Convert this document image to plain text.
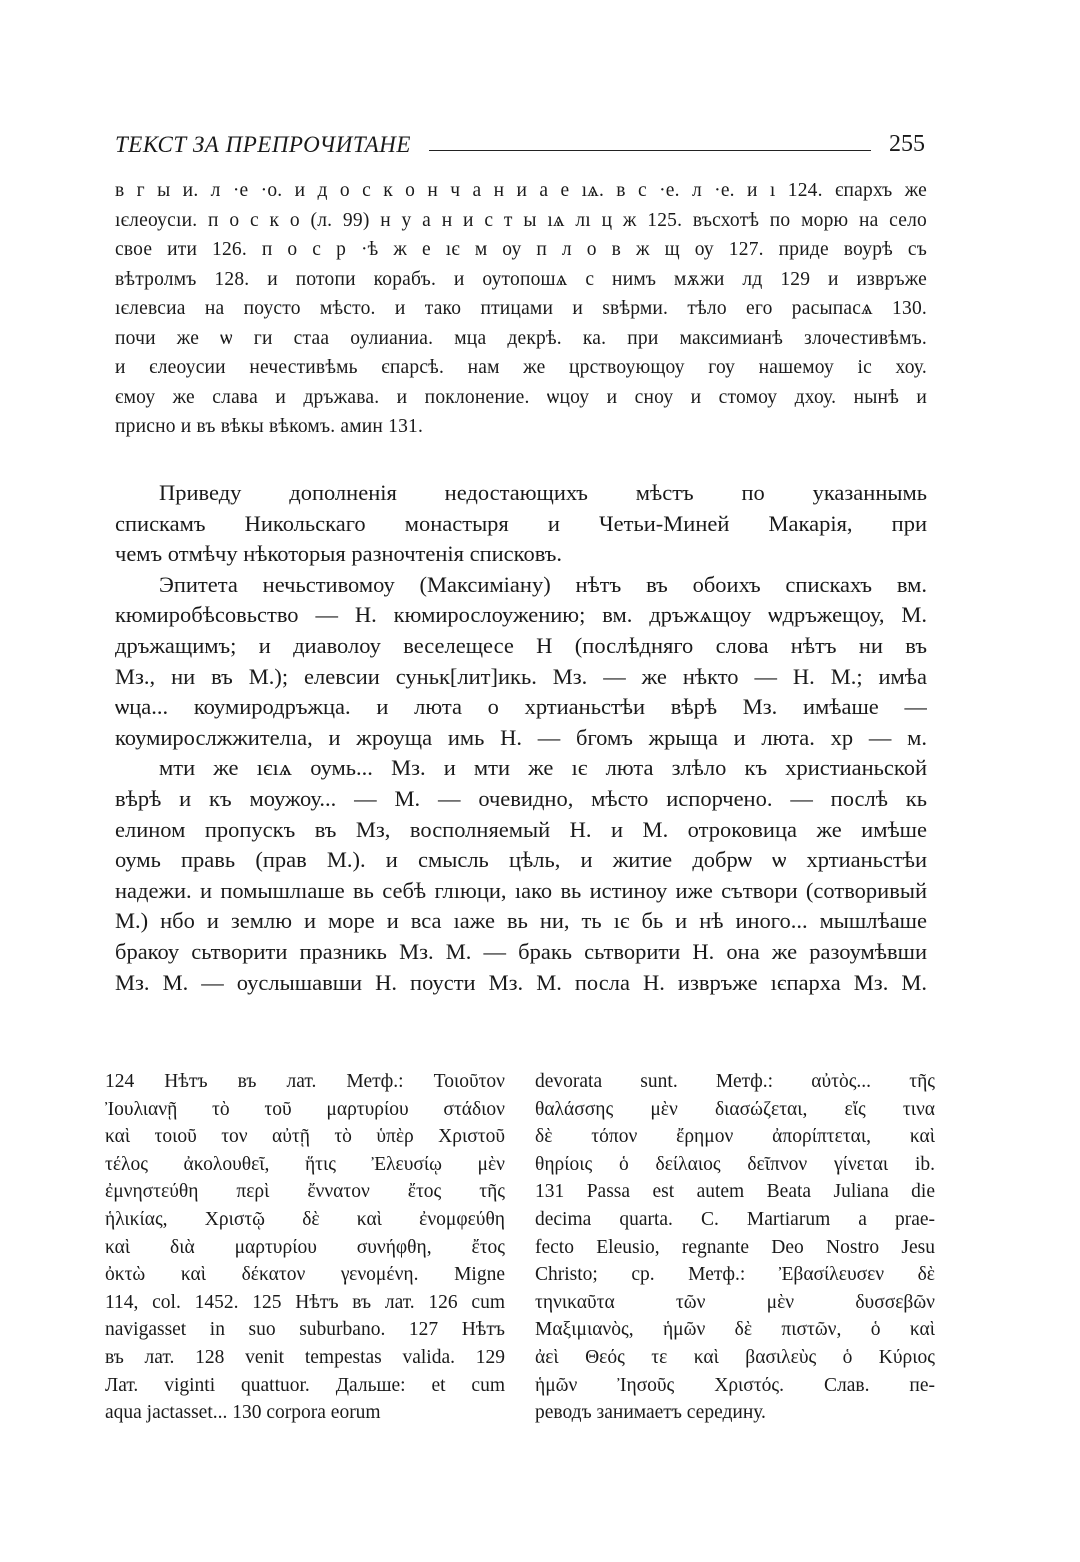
ТЕКСТ ЗА ПРЕПРОЧИТАНЕ	255
в г ы и. л ·е ·о. и д о с к о н ч а н и а е ıѧ. в с ·е. л ·е. и ı 124. єпархъ же
ıєлеоусıи. п о с к о (л. 99) н у а н и с т ы ıѧ лı ц ж 125. въсхотѣ по морю на село
свое ити 126. п о с р ·ѣ ж е ıє м оу п л о в ж щ оу 127. приде воурѣ съ
вѣтролмъ 128. и потопи корабъ. и оутопошѧ с нимъ мѫжи лд 129 и извръже
ıєлевсиа на поусто мѣсто. и тако птицами и ѕвѣрми. тѣло его расыпасѧ 130.
почи же ѡ ги стаа оулианиа. мца декрѣ. ка. при максимианѣ злочестивѣмъ.
и єлеоусии нечестивѣмь єпарсѣ. нам же црствоующоу гоу нашемоу іс хоу.
ємоу же слава и дръжава. и поклонение. ѡцоу и сноу и стомоу дхоу. нынѣ и
присно и въ вѣкы вѣкомъ. амин 131.
Приведу дополненія недостающихъ мѣстъ по указаннымь
спискамъ Никольскаго монастыря и Четьи-Миней Макарія, при
чемъ отмѣчу нѣкоторыя разночтенія списковъ.
Эпитета нечьстивомоу (Максиміану) нѣтъ въ обоихъ спискахъ вм.
кюмиробѣсовьство — Н. кюмирослоужению; вм. дръжѧщоу ѡдръжещоу, М.
дръжащимъ; и диаволоу веселещесе Н (послѣдняго слова нѣтъ ни въ
Мз., ни въ М.); елевсии суньк[лит]икь. Мз. — же нѣкто — Н. М.; имѣа
ѡца... коумиродръжца. и люта о хртианьстѣи вѣрѣ Мз. имѣаше —
коумирослжжителıа, и жроуща имь Н. — бгомъ жрыща и люта. хр — м.
мти же ıєıѧ оумь... Мз. и мти же ıє люта злѣло къ христианьской
вѣрѣ и къ моужоу... — М. — очевидно, мѣсто испорчено. — послѣ кь
елином пропускъ въ Мз, восполняемый Н. и М. отроковица же имѣше
оумь правь (прав М.). и смысль цѣль, и житие добрѡ ѡ хртианьстѣи
надежи. и помышлıаше вь себѣ глıюци, ıако вь истиноу иже сътвори (сотворивый
М.) нбо и землю и море и вса ıаже вь ни, ть ıє бь и нѣ иного... мышлѣаше
бракоу сьтворити празникь Мз. М. — бракь сьтворити Н. она же разоумѣвши
Мз. М. — оуслышавши Н. поусти Мз. М. посла Н. извръже ıєпарха Мз. М.
124 Нѣтъ въ лат. Метф.: Τοιοῦτον
Ἰουλιανῇ τὸ τοῦ μαρτυρίου στάδιον
καὶ τοιοῦ τον αὐτῇ τὸ ὑπὲρ Χριστοῦ
τέλος ἀκολουθεῖ, ἥτις Ἐλευσίῳ μὲν
ἐμνηστεύθη περὶ ἔννατον ἔτος τῆς
ἡλικίας, Χριστῷ δὲ καὶ ἐνομφεύθη
καὶ διὰ μαρτυρίου συνήφθη, ἔτος
ὀκτὼ καὶ δέκατον γενομένη. Migne
114, col. 1452. 125 Нѣтъ въ лат. 126 cum
navigasset in suo suburbano. 127 Нѣтъ
въ лат. 128 venit tempestas valida. 129
Лат. viginti quattuor. Дальше: et cum
aqua jactasset... 130 corpora eorum
devorata sunt. Метф.: αὐτὸς... τῆς
θαλάσσης μὲν διασώζεται, εἴς τινα
δὲ τόπον ἔρημον ἀπορίπτεται, καὶ
θηρίοις ὁ δείλαιος δεῖπνον γίνεται ib.
131 Passa est autem Beata Juliana die
decima quarta. C. Martiarum a prae-
fecto Eleusio, regnante Deo Nostro Jesu
Christo; ср. Метф.: Ἐβασίλευσεν δὲ
τηνικαῦτα τῶν μὲν δυσσεβῶν
Μαξιμιανὸς, ἡμῶν δὲ πιστῶν, ὁ καὶ
ἀεὶ Θεός τε καὶ βασιλεὺς ὁ Κύριος
ἡμῶν Ἰησοῦς Χριστός. Слав. пе-
реводъ занимаетъ середину.
